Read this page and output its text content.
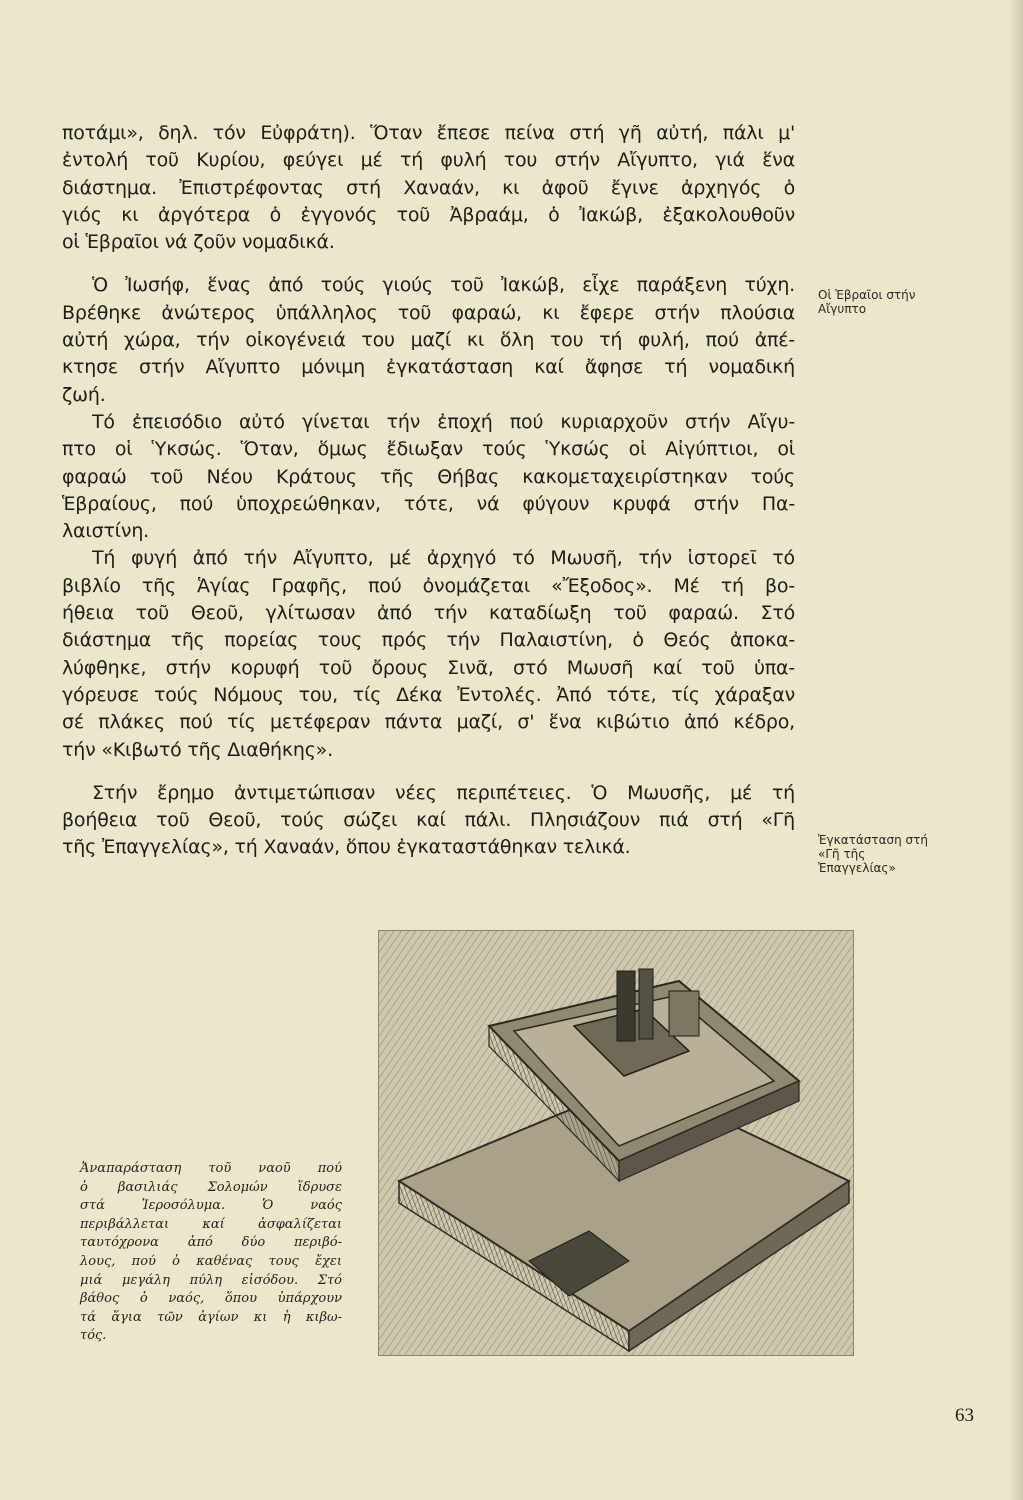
ποτάμι», δηλ. τόν Εὐφράτη). Ὅταν ἔπεσε πείνα στή γῆ αὐτή, πάλι μ'
ἐντολή τοῦ Κυρίου, φεύγει μέ τή φυλή του στήν Αἴγυπτο, γιά ἕνα
διάστημα. Ἐπιστρέφοντας στή Χαναάν, κι ἀφοῦ ἔγινε ἀρχηγός ὁ
γιός κι ἀργότερα ὁ ἐγγονός τοῦ Ἀβραάμ, ὁ Ἰακώβ, ἐξακολουθοῦν
οἱ Ἑβραῖοι νά ζοῦν νομαδικά.

Ὁ Ἰωσήφ, ἕνας ἀπό τούς γιούς τοῦ Ἰακώβ, εἶχε παράξενη τύχη.
Βρέθηκε ἀνώτερος ὑπάλληλος τοῦ φαραώ, κι ἔφερε στήν πλούσια
αὐτή χώρα, τήν οἰκογένειά του μαζί κι ὅλη του τή φυλή, πού ἀπέ-
κτησε στήν Αἴγυπτο μόνιμη ἐγκατάσταση καί ἄφησε τή νομαδική
ζωή.

Τό ἐπεισόδιο αὐτό γίνεται τήν ἐποχή πού κυριαρχοῦν στήν Αἴγυ-
πτο οἱ Ὑκσώς. Ὅταν, ὅμως ἔδιωξαν τούς Ὑκσώς οἱ Αἰγύπτιοι, οἱ
φαραώ τοῦ Νέου Κράτους τῆς Θήβας κακομεταχειρίστηκαν τούς
Ἑβραίους, πού ὑποχρεώθηκαν, τότε, νά φύγουν κρυφά στήν Πα-
λαιστίνη.

Τή φυγή ἀπό τήν Αἴγυπτο, μέ ἀρχηγό τό Μωυσῆ, τήν ἱστορεῖ τό
βιβλίο τῆς Ἁγίας Γραφῆς, πού ὀνομάζεται «Ἔξοδος». Μέ τή βο-
ήθεια τοῦ Θεοῦ, γλίτωσαν ἀπό τήν καταδίωξη τοῦ φαραώ. Στό
διάστημα τῆς πορείας τους πρός τήν Παλαιστίνη, ὁ Θεός ἀποκα-
λύφθηκε, στήν κορυφή τοῦ ὄρους Σινᾶ, στό Μωυσῆ καί τοῦ ὑπα-
γόρευσε τούς Νόμους του, τίς Δέκα Ἐντολές. Ἀπό τότε, τίς χάραξαν
σέ πλάκες πού τίς μετέφεραν πάντα μαζί, σ' ἕνα κιβώτιο ἀπό κέδρο,
τήν «Κιβωτό τῆς Διαθήκης».

Στήν ἔρημο ἀντιμετώπισαν νέες περιπέτειες. Ὁ Μωυσῆς, μέ τή
βοήθεια τοῦ Θεοῦ, τούς σώζει καί πάλι. Πλησιάζουν πιά στή «Γῆ
τῆς Ἐπαγγελίας», τή Χαναάν, ὅπου ἐγκαταστάθηκαν τελικά.

Οἱ Ἑβραῖοι στήν Αἴγυπτο
Ἐγκατάσταση στή «Γῆ τῆς Ἐπαγγελίας»
Ἀναπαράσταση τοῦ ναοῦ πού
ὁ βασιλιάς Σολομών ἵδρυσε
στά Ἱεροσόλυμα. Ὁ ναός
περιβάλλεται καί ἀσφαλίζεται
ταυτόχρονα ἀπό δύο περιβό-
λους, πού ὁ καθένας τους ἔχει
μιά μεγάλη πύλη εἰσόδου. Στό
βάθος ὁ ναός, ὅπου ὑπάρχουν
τά ἅγια τῶν ἁγίων κι ἡ κιβω-
τός.
63
